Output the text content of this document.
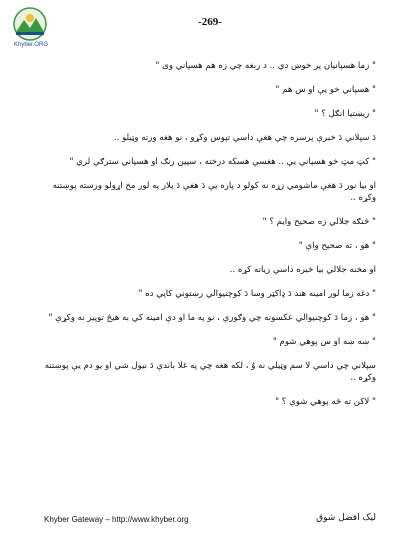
Khyber.ORG
-269-

" زما هسپانيان پر خوښ دي .. د ربغه چي زه هم هسپاني وی "

" هسپاني خو يې او س هم "

" ريښتيا انګل ؟ "

دَ سپلاني دَ خبرې پرسره چي هغې داسې تپوس وکړو ، نو هغه ورته وټيلو ..

" کټ مټ خو هسپاني يې .. هغسې هسکه درخته ، سپين رنګ او هسپاني سترګې لري "

او بيا نور دَ هغې ماشومي زړه نه کولو د پاره يې دَ هغې دَ پلار په لور مخ اړولو ورسته پوښتنه وکړه ..

" څنګه جلالي زه صحيح وايم ؟ "

" هو ، ته صحيح واې "

او مخنه جلالي بيا خبره داسې زياته کړه ..

" دغه زما لور امينه هند دَ ډاکټر وسا دَ کوچنيوالي رښتوني کاپي ده "

" هو ، زما دَ کوچنيوالي عکسونه چي وګورې ، نو په ما او دې امينه کي به هيڅ توپير نه وکړې "

" ښه ښه او س پوهي شوم "

سپلاني چي داسې لا سم وټيلي نه وُ ، لکه هغه چي په غلا باندې دَ نيول شي او يو دم يې پوښتنه وکړه ..

" لاکن ته څه پوهي شوې ؟ "

Khyber Gateway – http://www.khyber.org	ليک افضل شوق
